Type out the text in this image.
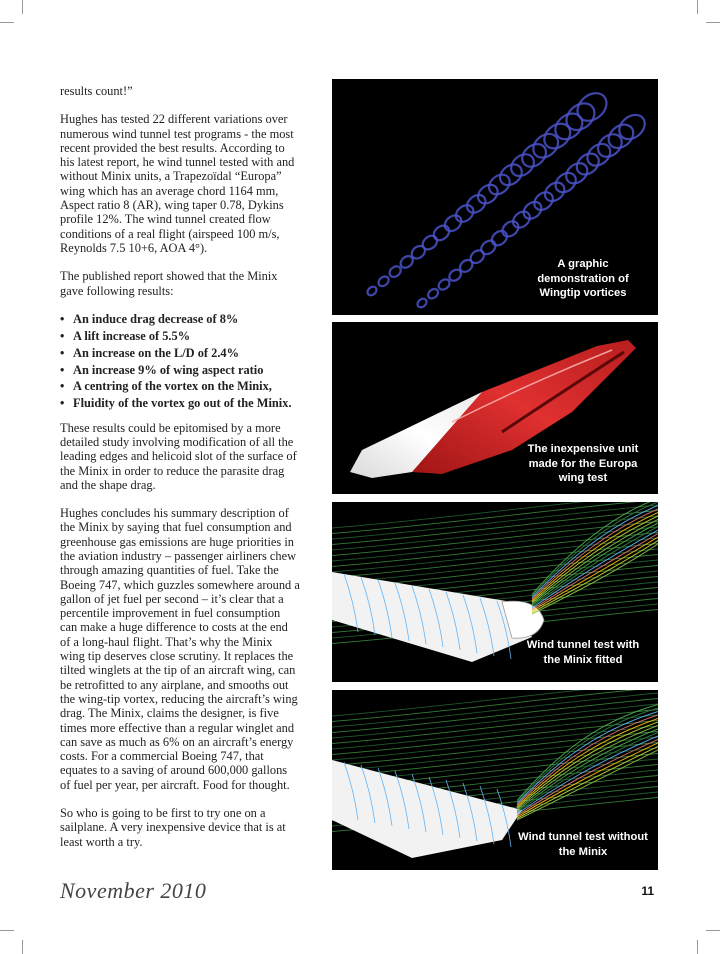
results count!”

Hughes has tested 22 different variations over numerous wind tunnel test programs - the most recent provided the best results. According to his latest report, he wind tunnel tested with and without Minix units, a Trapezoïdal “Europa” wing which has an average chord 1164 mm, Aspect ratio 8 (AR), wing taper 0.78, Dykins profile 12%. The wind tunnel created flow conditions of a real flight (airspeed 100 m/s, Reynolds 7.5 10+6, AOA 4°).

The published report showed that the Minix gave following results:

• An induce drag decrease of 8%
• A lift increase of 5.5%
• An increase on the L/D of 2.4%
• An increase 9% of wing aspect ratio
• A centring of the vortex on the Minix,
• Fluidity of the vortex go out of the Minix.

These results could be epitomised by a more detailed study involving modification of all the leading edges and helicoid slot of the surface of the Minix in order to reduce the parasite drag and the shape drag.

Hughes concludes his summary description of the Minix by saying that fuel consumption and greenhouse gas emissions are huge priorities in the aviation industry – passenger airliners chew through amazing quantities of fuel. Take the Boeing 747, which guzzles somewhere around a gallon of jet fuel per second – it’s clear that a percentile improvement in fuel consumption can make a huge difference to costs at the end of a long-haul flight. That’s why the Minix wing tip deserves close scrutiny. It replaces the tilted winglets at the tip of an aircraft wing, can be retrofitted to any airplane, and smooths out the wing-tip vortex, reducing the aircraft’s wing drag. The Minix, claims the designer, is five times more effective than a regular winglet and can save as much as 6% on an aircraft’s energy costs. For a commercial Boeing 747, that equates to a saving of around 600,000 gallons of fuel per year, per aircraft. Food for thought.

So who is going to be first to try one on a sailplane. A very inexpensive device that is at least worth a try.

A graphic demonstration of Wingtip vortices
The inexpensive unit made for the Europa wing test
Wind tunnel test with the Minix fitted
Wind tunnel test without the Minix
November 2010	11
